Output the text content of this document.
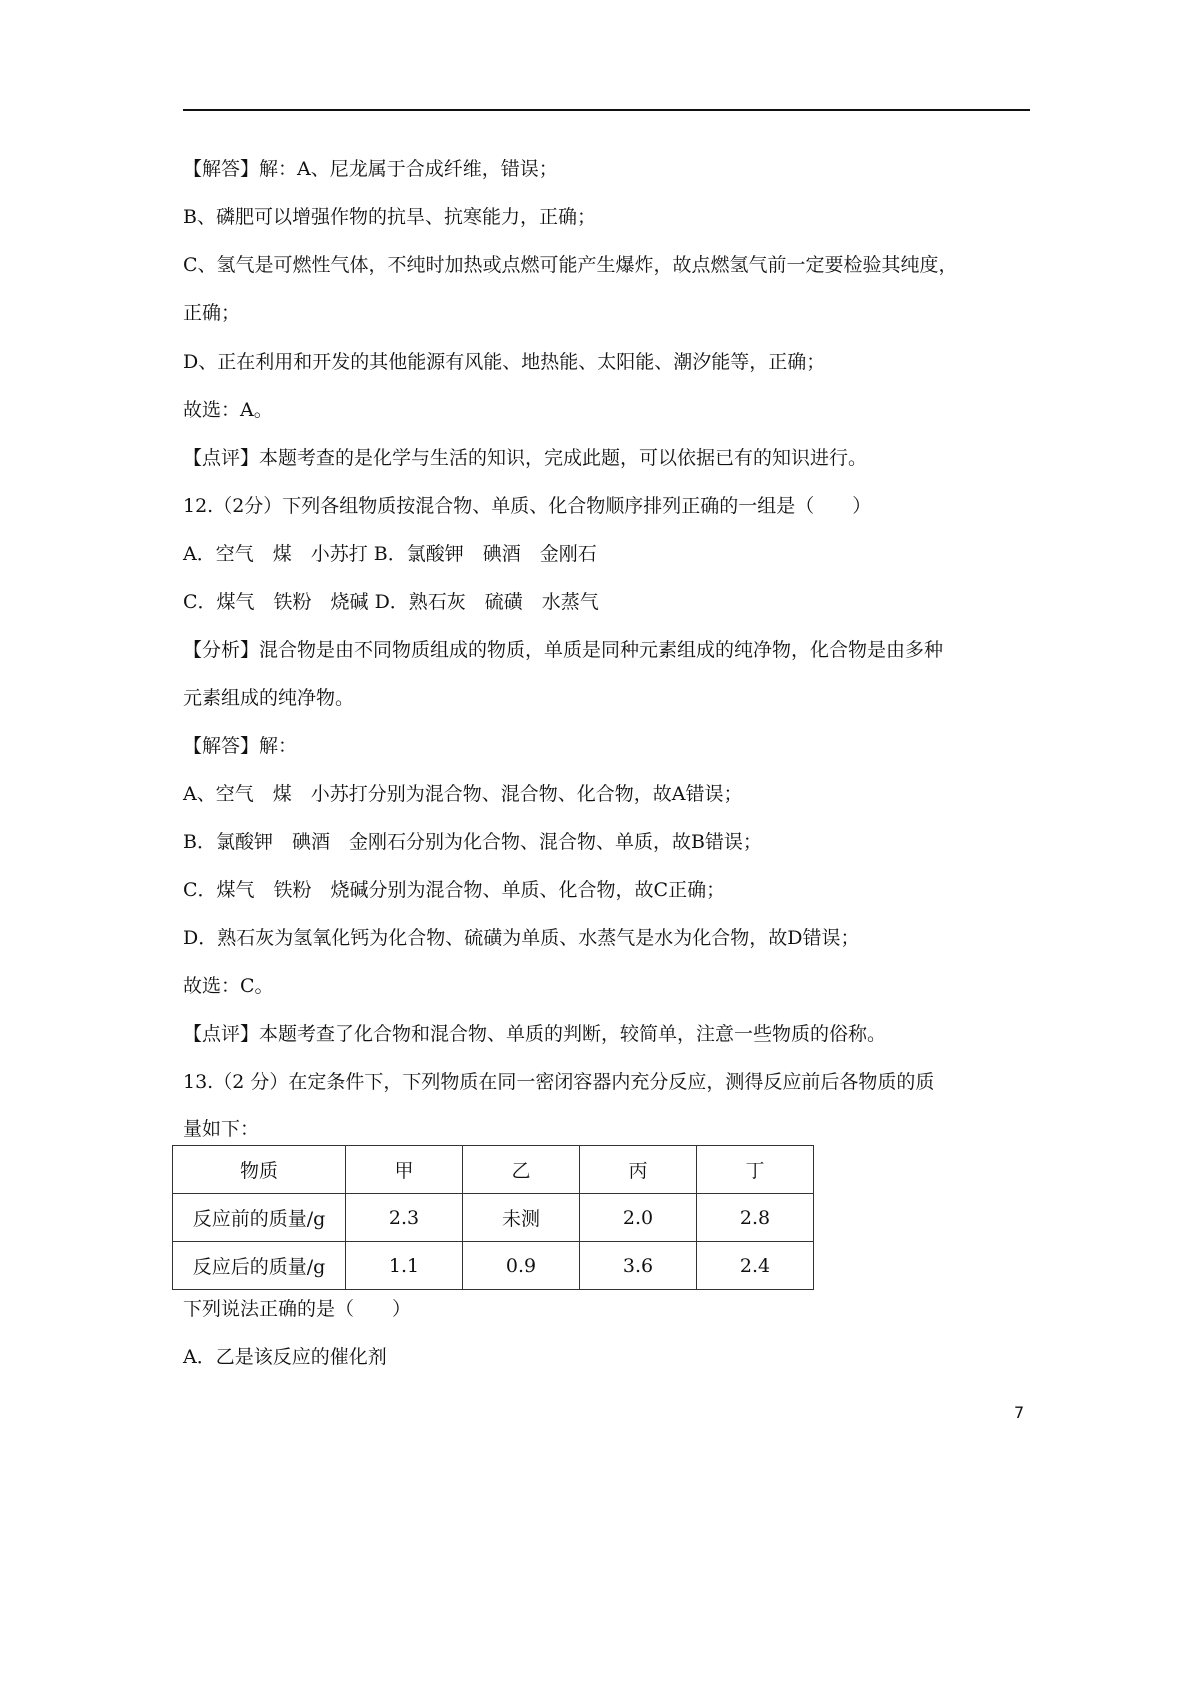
【解答】解：A、尼龙属于合成纤维，错误；
B、磷肥可以增强作物的抗旱、抗寒能力，正确；
C、氢气是可燃性气体，不纯时加热或点燃可能产生爆炸，故点燃氢气前一定要检验其纯度，
正确；
D、正在利用和开发的其他能源有风能、地热能、太阳能、潮汐能等，正确；
故选：A。
【点评】本题考查的是化学与生活的知识，完成此题，可以依据已有的知识进行。
12.（2分）下列各组物质按混合物、单质、化合物顺序排列正确的一组是（　　）
A．空气　煤　小苏打 B．氯酸钾　碘酒　金刚石
C．煤气　铁粉　烧碱 D．熟石灰　硫磺　水蒸气
【分析】混合物是由不同物质组成的物质，单质是同种元素组成的纯净物，化合物是由多种
元素组成的纯净物。
【解答】解：
A、空气　煤　小苏打分别为混合物、混合物、化合物，故A错误；
B．氯酸钾　碘酒　金刚石分别为化合物、混合物、单质，故B错误；
C．煤气　铁粉　烧碱分别为混合物、单质、化合物，故C正确；
D．熟石灰为氢氧化钙为化合物、硫磺为单质、水蒸气是水为化合物，故D错误；
故选：C。
【点评】本题考查了化合物和混合物、单质的判断，较简单，注意一些物质的俗称。
13.（2 分）在定条件下，下列物质在同一密闭容器内充分反应，测得反应前后各物质的质
量如下：
物质	甲	乙	丙	丁
反应前的质量/g	2.3	未测	2.0	2.8
反应后的质量/g	1.1	0.9	3.6	2.4
下列说法正确的是（　　）
A．乙是该反应的催化剂
7
